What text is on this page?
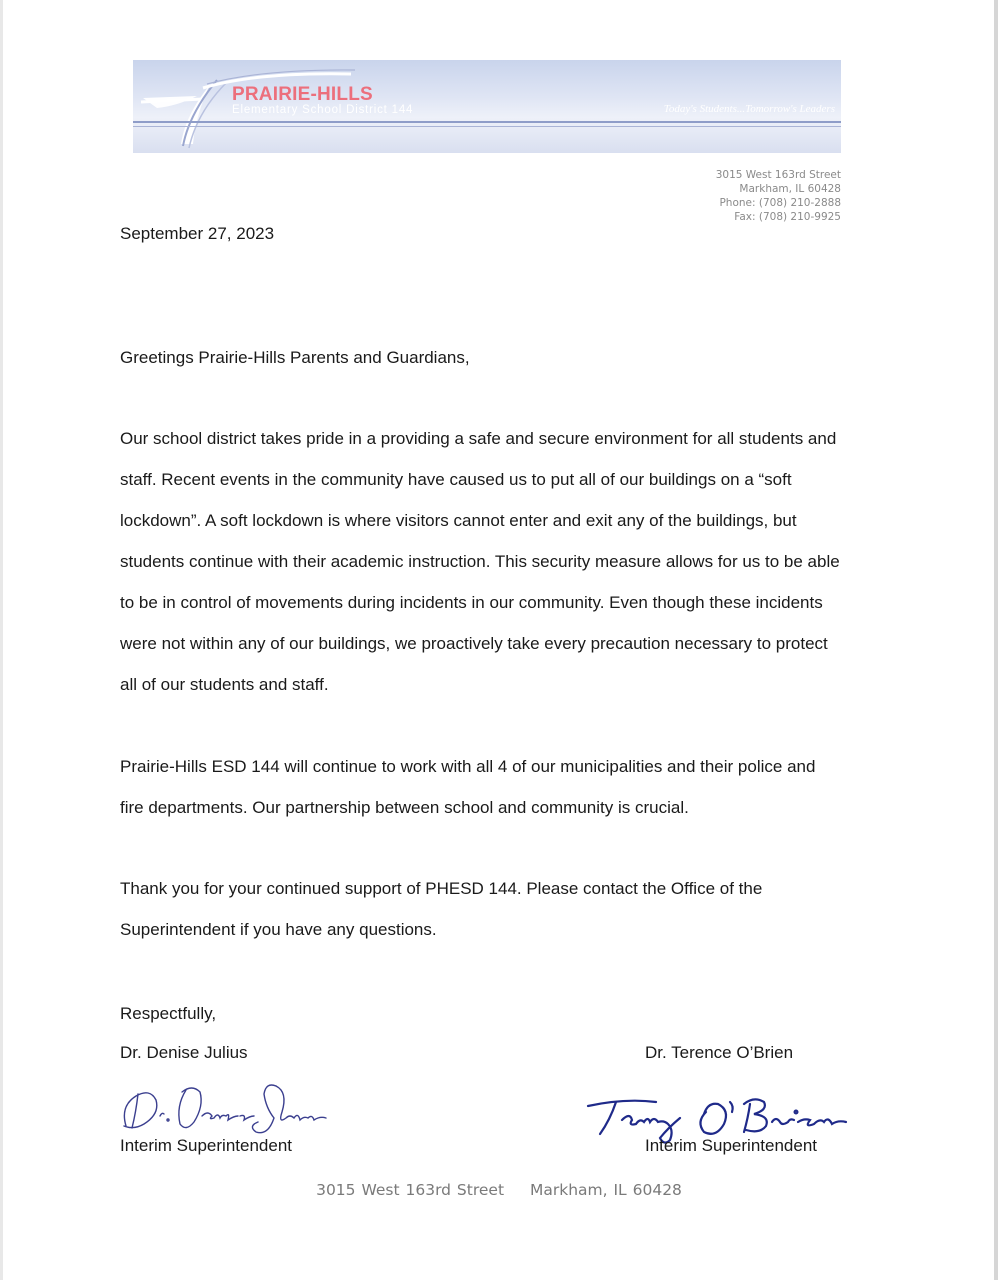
PRAIRIE-HILLS

Elementary School District 144	Today's Students...Tomorrow's Leaders

3015 West 163rd Street
Markham, IL 60428
Phone: (708) 210-2888
Fax: (708) 210-9925

September 27, 2023

Greetings Prairie-Hills Parents and Guardians,

Our school district takes pride in a providing a safe and secure environment for all students and
staff. Recent events in the community have caused us to put all of our buildings on a “soft
lockdown”. A soft lockdown is where visitors cannot enter and exit any of the buildings, but
students continue with their academic instruction. This security measure allows for us to be able
to be in control of movements during incidents in our community. Even though these incidents
were not within any of our buildings, we proactively take every precaution necessary to protect
all of our students and staff.
Prairie-Hills ESD 144 will continue to work with all 4 of our municipalities and their police and
fire departments. Our partnership between school and community is crucial.
Thank you for your continued support of PHESD 144. Please contact the Office of the
Superintendent if you have any questions.

Respectfully,

Dr. Denise Julius	Dr. Terence O’Brien

Interim Superintendent	Interim Superintendent

3015 West 163rd Street Markham, IL 60428
